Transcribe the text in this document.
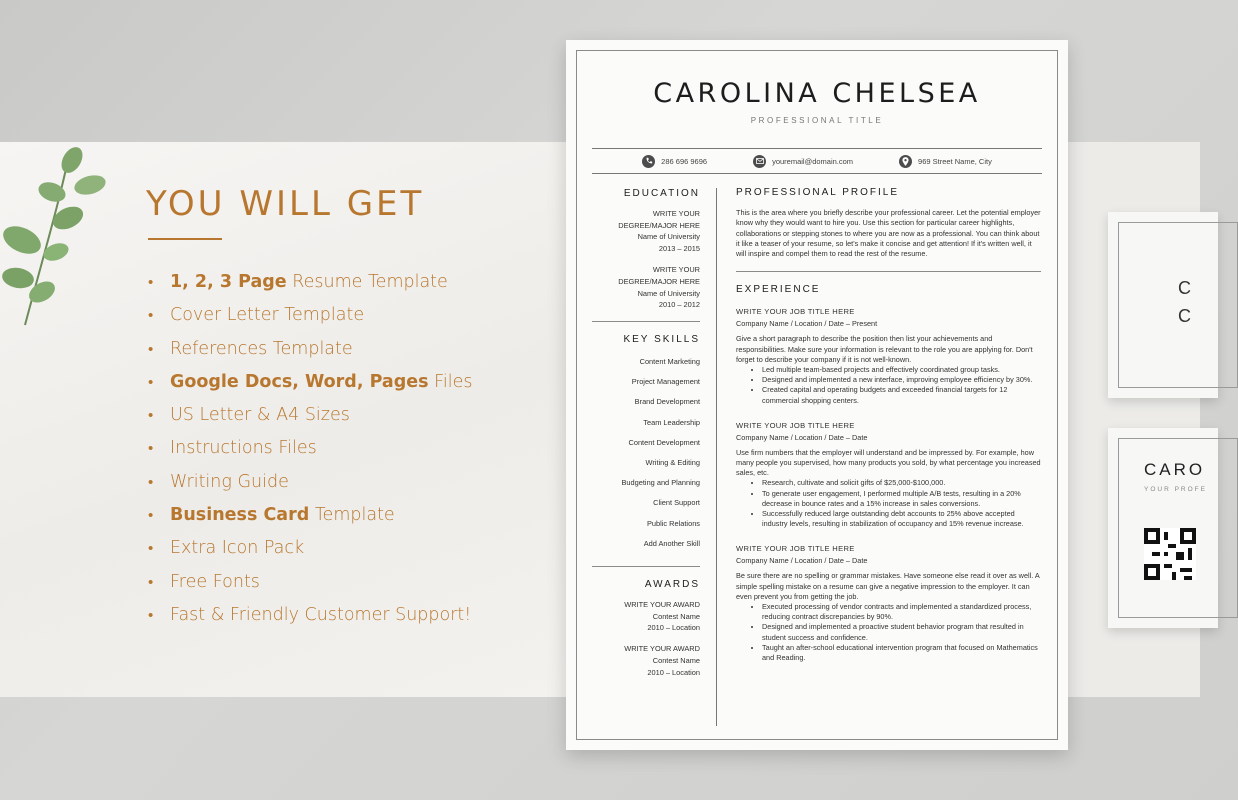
YOU WILL GET
• 1, 2, 3 Page Resume Template
• Cover Letter Template
• References Template
• Google Docs, Word, Pages Files
• US Letter & A4 Sizes
• Instructions Files
• Writing Guide
• Business Card Template
• Extra Icon Pack
• Free Fonts
• Fast & Friendly Customer Support!
CAROLINA CHELSEA
PROFESSIONAL TITLE
286 696 9696	youremail@domain.com	969 Street Name, City
EDUCATION
WRITE YOUR
DEGREE/MAJOR HERE
Name of University
2013 – 2015
WRITE YOUR
DEGREE/MAJOR HERE
Name of University
2010 – 2012
KEY SKILLS
Content Marketing
Project Management
Brand Development
Team Leadership
Content Development
Writing & Editing
Budgeting and Planning
Client Support
Public Relations
Add Another Skill
AWARDS
WRITE YOUR AWARD
Contest Name
2010 – Location
WRITE YOUR AWARD
Contest Name
2010 – Location
PROFESSIONAL PROFILE

This is the area where you briefly describe your professional career. Let the potential employer know why they would want to hire you. Use this section for particular career highlights, collaborations or stepping stones to where you are now as a professional. You can think about it like a teaser of your resume, so let's make it concise and get attention! If it's written well, it will inspire and compel them to read the rest of the resume.

EXPERIENCE
WRITE YOUR JOB TITLE HERE
Company Name / Location / Date – Present

Give a short paragraph to describe the position then list your achievements and responsibilities. Make sure your information is relevant to the role you are applying for. Don't forget to describe your company if it is not well-known.

• Led multiple team-based projects and effectively coordinated group tasks.
• Designed and implemented a new interface, improving employee efficiency by 30%.
• Created capital and operating budgets and exceeded financial targets for 12 commercial shopping centers.
WRITE YOUR JOB TITLE HERE
Company Name / Location / Date – Date

Use firm numbers that the employer will understand and be impressed by. For example, how many people you supervised, how many products you sold, by what percentage you increased sales, etc.

• Research, cultivate and solicit gifts of $25,000-$100,000.
• To generate user engagement, I performed multiple A/B tests, resulting in a 20% decrease in bounce rates and a 15% increase in sales conversions.
• Successfully reduced large outstanding debt accounts to 25% above accepted industry levels, resulting in stabilization of occupancy and 15% revenue increase.
WRITE YOUR JOB TITLE HERE
Company Name / Location / Date – Date

Be sure there are no spelling or grammar mistakes. Have someone else read it over as well. A simple spelling mistake on a resume can give a negative impression to the employer. It can even prevent you from getting the job.

• Executed processing of vendor contracts and implemented a standardized process, reducing contract discrepancies by 90%.
• Designed and implemented a proactive student behavior program that resulted in student success and confidence.
• Taught an after-school educational intervention program that focused on Mathematics and Reading.
C
C
CARO
YOUR PROFE
